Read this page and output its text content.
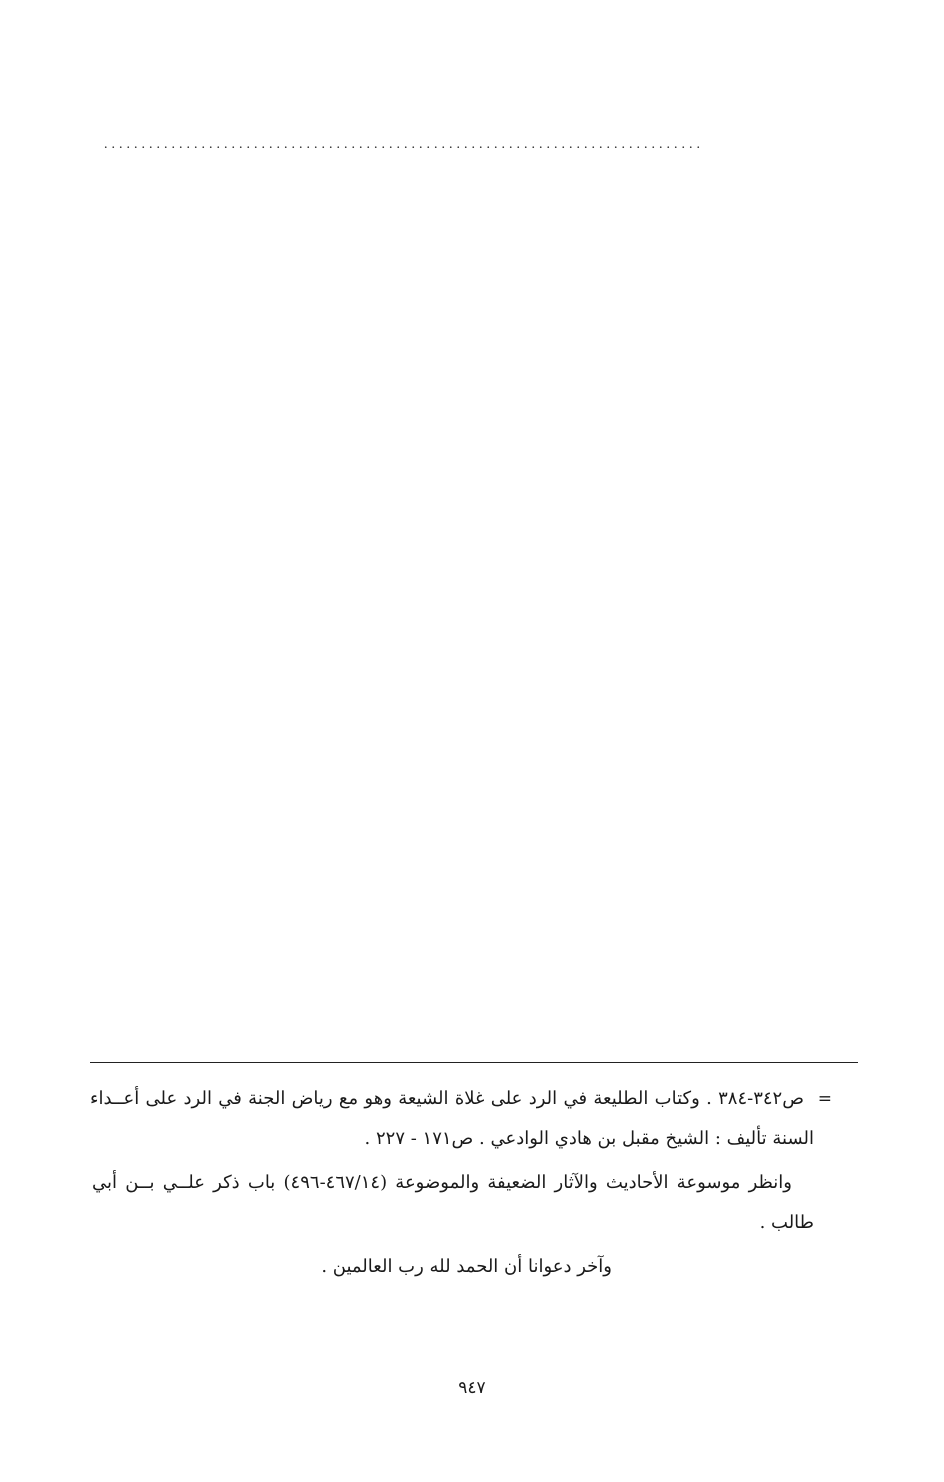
................................................................................
=
ص٣٤٢-٣٨٤ . وكتاب الطليعة في الرد على غلاة الشيعة وهو مع رياض الجنة في الرد على أعــداء
السنة تأليف : الشيخ مقبل بن هادي الوادعي . ص١٧١ - ٢٢٧ .
وانظر موسوعة الأحاديث والآثار الضعيفة والموضوعة (٤٦٧/١٤-٤٩٦) باب ذكر علــي بــن أبي
طالب .
وآخر دعوانا أن الحمد لله رب العالمين .
٩٤٧
